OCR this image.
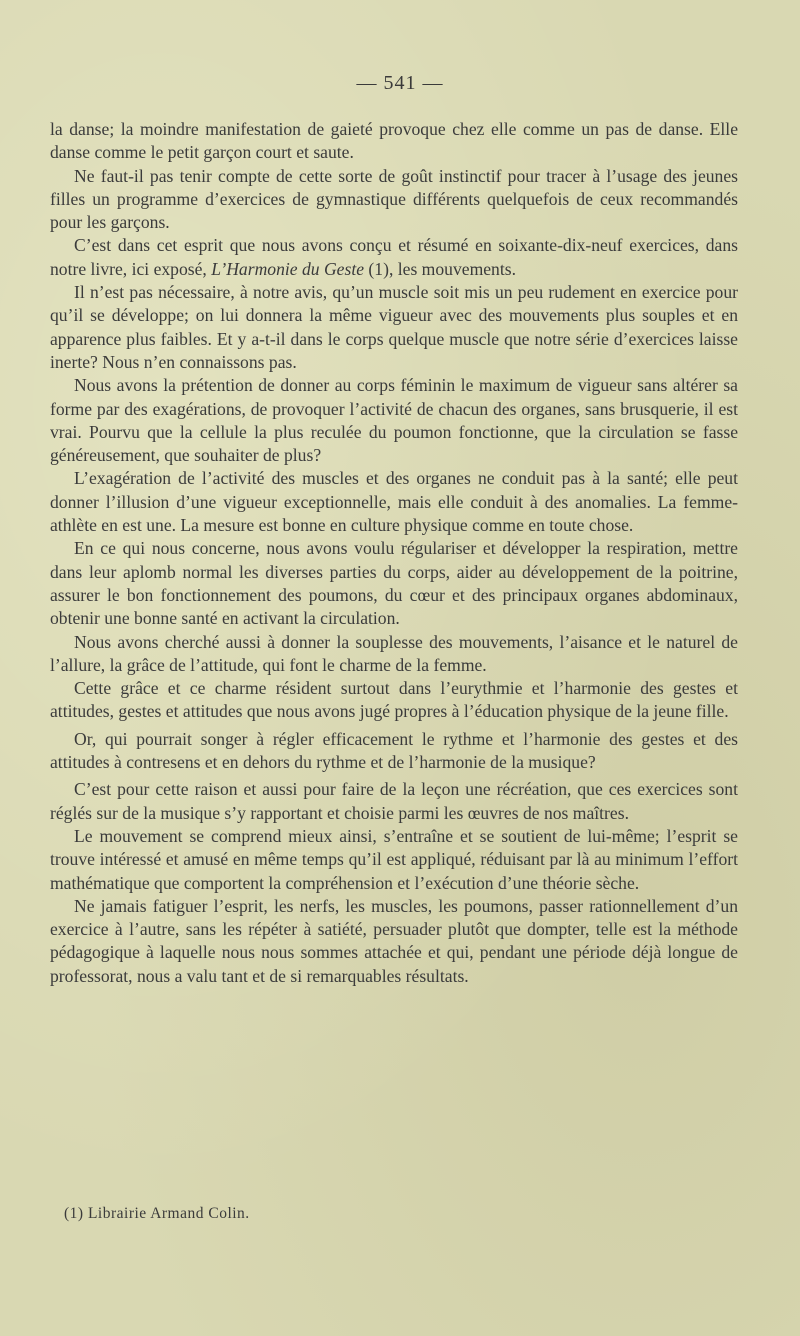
— 541 —

la danse; la moindre manifestation de gaieté provoque chez elle comme un pas de danse. Elle danse comme le petit garçon court et saute.

Ne faut-il pas tenir compte de cette sorte de goût instinctif pour tracer à l’usage des jeunes filles un programme d’exercices de gymnastique différents quelquefois de ceux recommandés pour les garçons.

C’est dans cet esprit que nous avons conçu et résumé en soixante-dix-neuf exercices, dans notre livre, ici exposé, L’Harmonie du Geste (1), les mouvements.

Il n’est pas nécessaire, à notre avis, qu’un muscle soit mis un peu rudement en exercice pour qu’il se développe; on lui donnera la même vigueur avec des mouvements plus souples et en apparence plus faibles. Et y a-t-il dans le corps quelque muscle que notre série d’exercices laisse inerte? Nous n’en connaissons pas.

Nous avons la prétention de donner au corps féminin le maximum de vigueur sans altérer sa forme par des exagérations, de provoquer l’activité de chacun des organes, sans brusquerie, il est vrai. Pourvu que la cellule la plus reculée du poumon fonctionne, que la circulation se fasse généreusement, que souhaiter de plus?

L’exagération de l’activité des muscles et des organes ne conduit pas à la santé; elle peut donner l’illusion d’une vigueur exceptionnelle, mais elle conduit à des anomalies. La femme-athlète en est une. La mesure est bonne en culture physique comme en toute chose.

En ce qui nous concerne, nous avons voulu régulariser et développer la respiration, mettre dans leur aplomb normal les diverses parties du corps, aider au développement de la poitrine, assurer le bon fonctionnement des poumons, du cœur et des principaux organes abdominaux, obtenir une bonne santé en activant la circulation.

Nous avons cherché aussi à donner la souplesse des mouvements, l’aisance et le naturel de l’allure, la grâce de l’attitude, qui font le charme de la femme.

Cette grâce et ce charme résident surtout dans l’eurythmie et l’harmonie des gestes et attitudes, gestes et attitudes que nous avons jugé propres à l’éducation physique de la jeune fille.

Or, qui pourrait songer à régler efficacement le rythme et l’harmonie des gestes et des attitudes à contresens et en dehors du rythme et de l’harmonie de la musique?

C’est pour cette raison et aussi pour faire de la leçon une récréation, que ces exercices sont réglés sur de la musique s’y rapportant et choisie parmi les œuvres de nos maîtres.

Le mouvement se comprend mieux ainsi, s’entraîne et se soutient de lui-même; l’esprit se trouve intéressé et amusé en même temps qu’il est appliqué, réduisant par là au minimum l’effort mathématique que comportent la compréhension et l’exécution d’une théorie sèche.

Ne jamais fatiguer l’esprit, les nerfs, les muscles, les poumons, passer rationnellement d’un exercice à l’autre, sans les répéter à satiété, persuader plutôt que dompter, telle est la méthode pédagogique à laquelle nous nous sommes attachée et qui, pendant une période déjà longue de professorat, nous a valu tant et de si remarquables résultats.

(1) Librairie Armand Colin.
